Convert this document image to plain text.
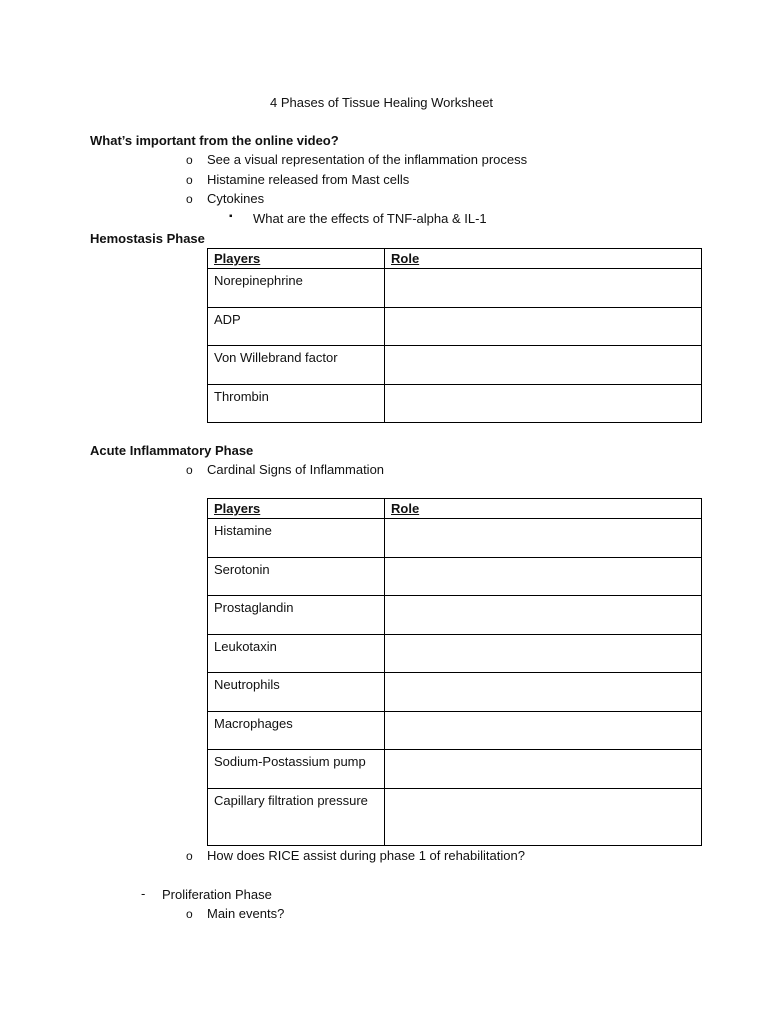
4 Phases of Tissue Healing Worksheet
What’s important from the online video?
o See a visual representation of the inflammation process
o Histamine released from Mast cells
o Cytokines
▪ What are the effects of TNF-alpha & IL-1
Hemostasis Phase
Players	Role
Norepinephrine	
ADP	
Von Willebrand factor	
Thrombin	
Acute Inflammatory Phase
o Cardinal Signs of Inflammation
Players	Role
Histamine	
Serotonin	
Prostaglandin	
Leukotaxin	
Neutrophils	
Macrophages	
Sodium-Postassium pump	
Capillary filtration pressure	
o How does RICE assist during phase 1 of rehabilitation?
- Proliferation Phase
o Main events?
